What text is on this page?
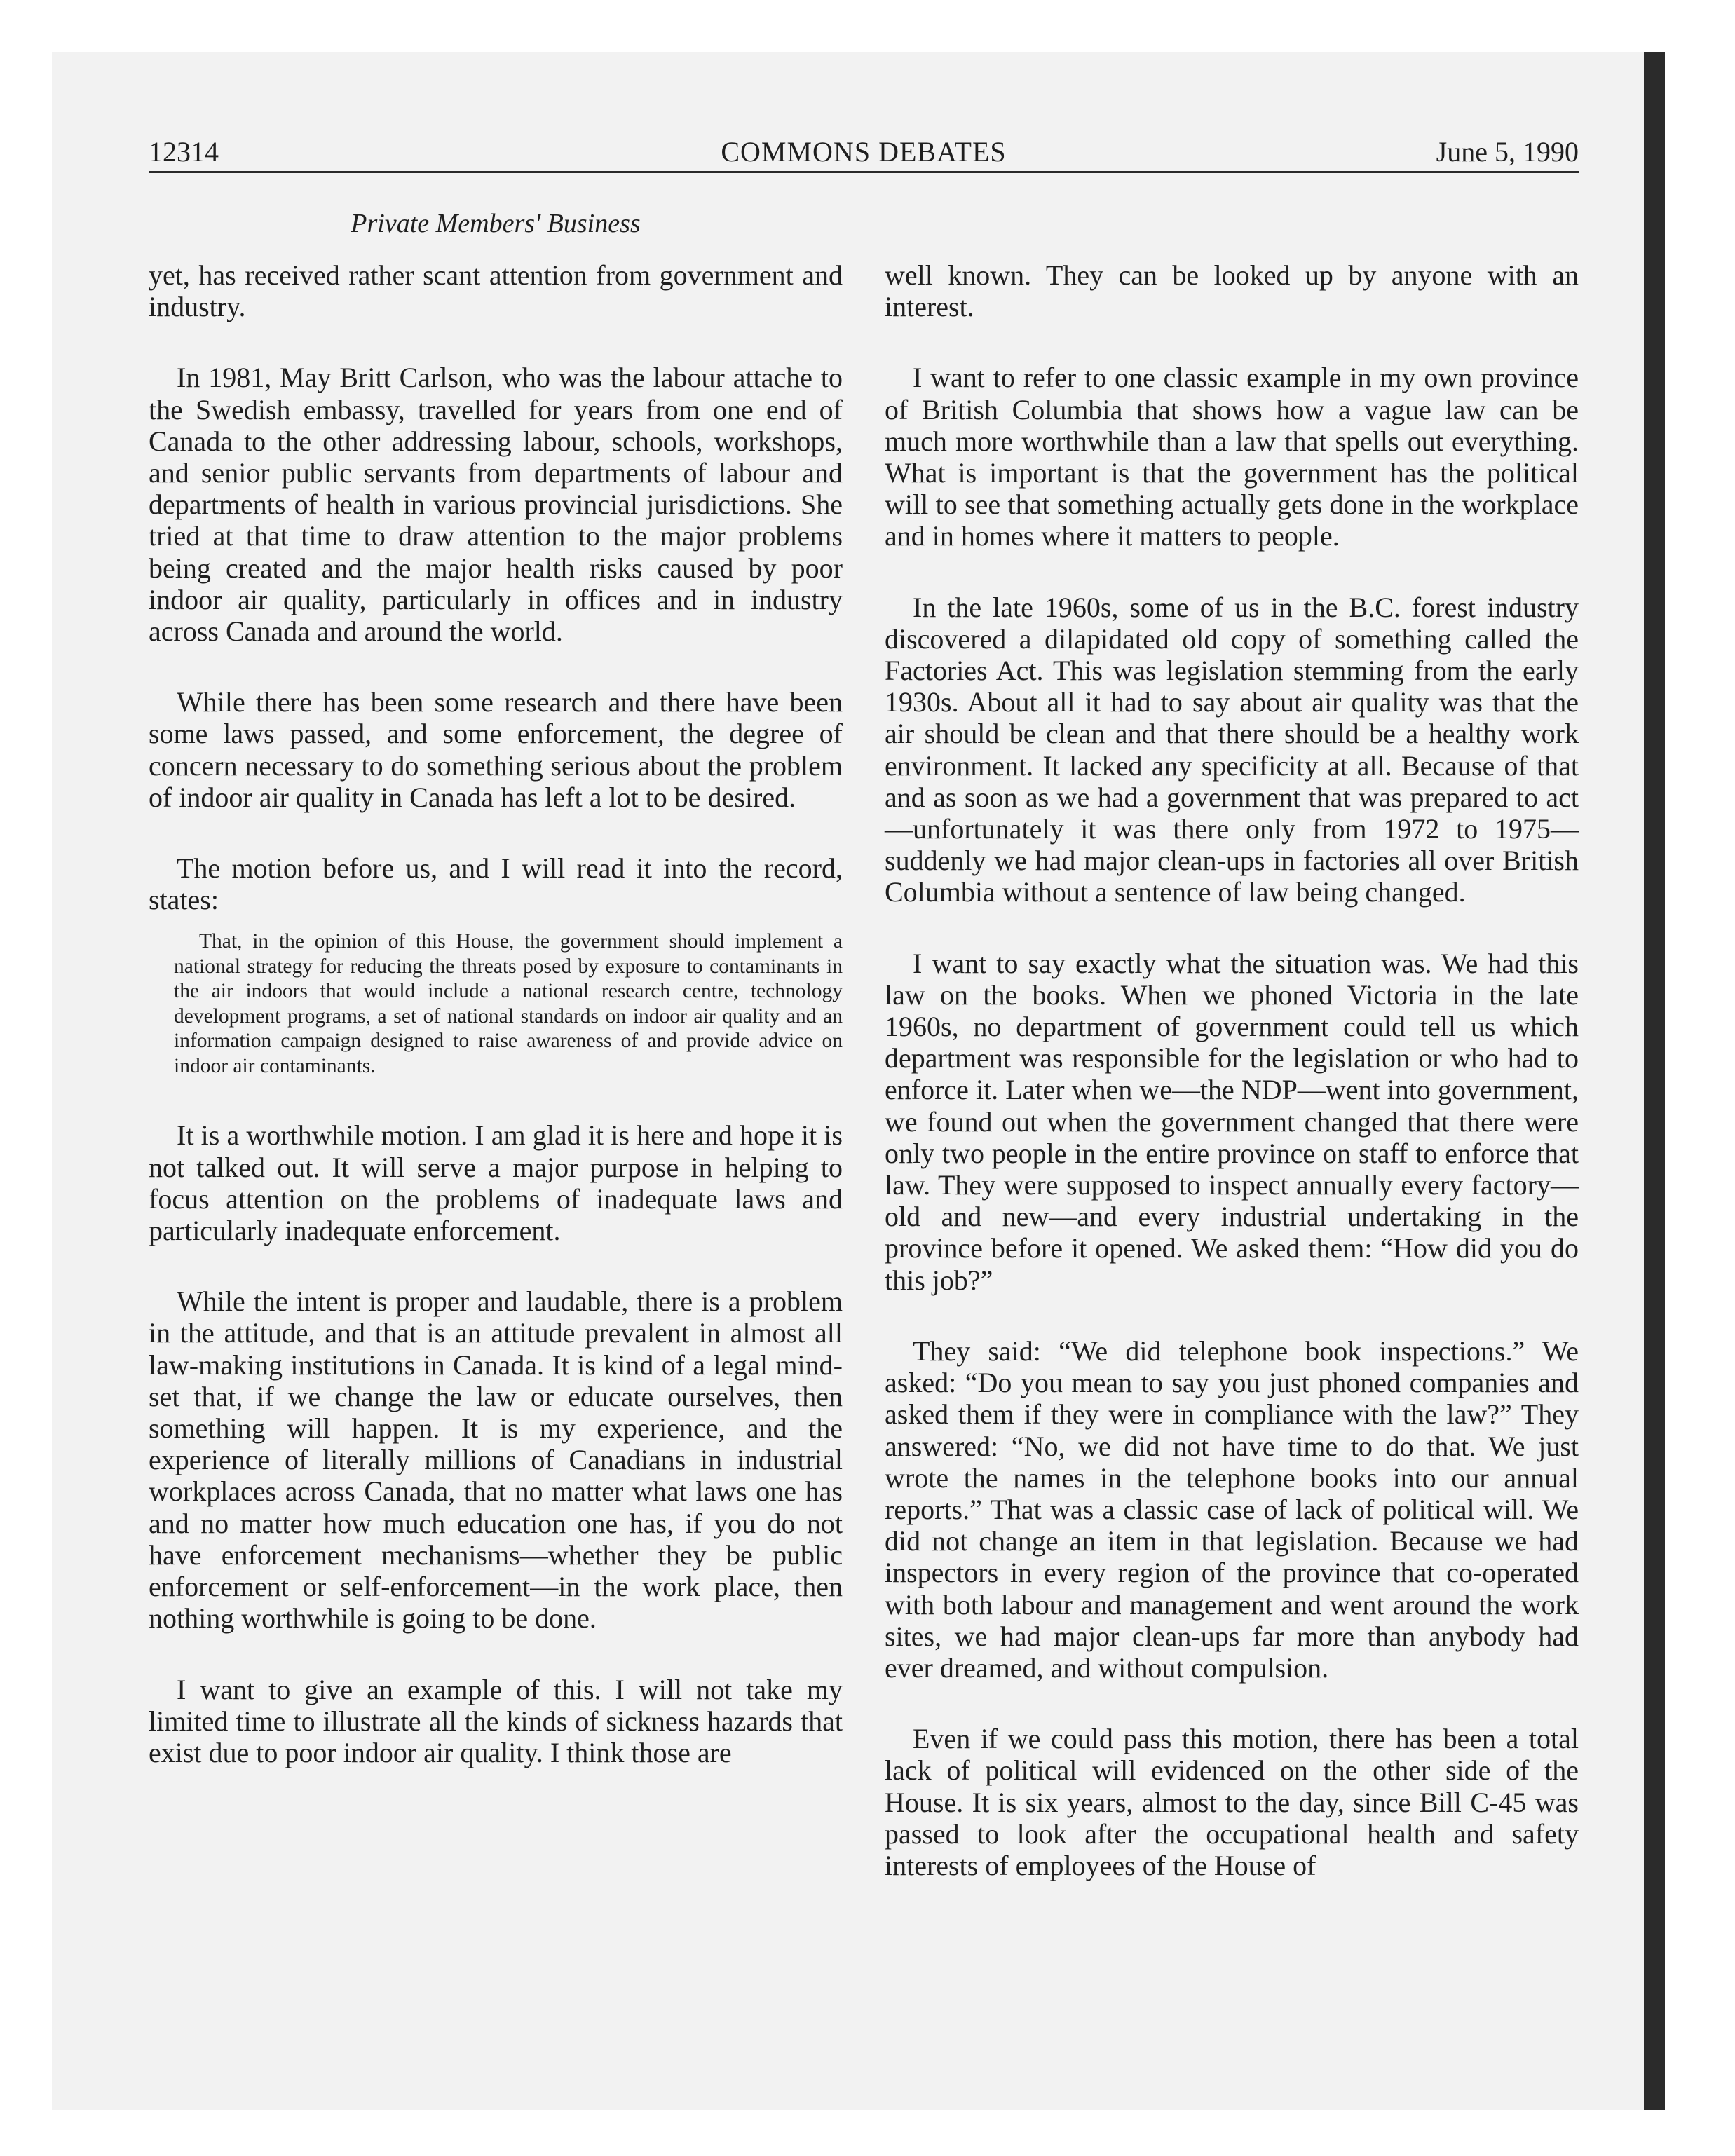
12314	COMMONS DEBATES	June 5, 1990
Private Members' Business

yet, has received rather scant attention from government and industry.

In 1981, May Britt Carlson, who was the labour attache to the Swedish embassy, travelled for years from one end of Canada to the other addressing labour, schools, workshops, and senior public servants from departments of labour and departments of health in various provincial jurisdictions. She tried at that time to draw attention to the major problems being created and the major health risks caused by poor indoor air quality, particularly in offices and in industry across Canada and around the world.

While there has been some research and there have been some laws passed, and some enforcement, the degree of concern necessary to do something serious about the problem of indoor air quality in Canada has left a lot to be desired.

The motion before us, and I will read it into the record, states:

That, in the opinion of this House, the government should implement a national strategy for reducing the threats posed by exposure to contaminants in the air indoors that would include a national research centre, technology development programs, a set of national standards on indoor air quality and an information campaign designed to raise awareness of and provide advice on indoor air contaminants.

It is a worthwhile motion. I am glad it is here and hope it is not talked out. It will serve a major purpose in helping to focus attention on the problems of inadequate laws and particularly inadequate enforcement.

While the intent is proper and laudable, there is a problem in the attitude, and that is an attitude prevalent in almost all law-making institutions in Canada. It is kind of a legal mind-set that, if we change the law or educate ourselves, then something will happen. It is my experience, and the experience of literally millions of Canadians in industrial workplaces across Canada, that no matter what laws one has and no matter how much education one has, if you do not have enforcement mechanisms—whether they be public enforcement or self-enforcement—in the work place, then nothing worthwhile is going to be done.

I want to give an example of this. I will not take my limited time to illustrate all the kinds of sickness hazards that exist due to poor indoor air quality. I think those are

well known. They can be looked up by anyone with an interest.

I want to refer to one classic example in my own province of British Columbia that shows how a vague law can be much more worthwhile than a law that spells out everything. What is important is that the government has the political will to see that something actually gets done in the workplace and in homes where it matters to people.

In the late 1960s, some of us in the B.C. forest industry discovered a dilapidated old copy of something called the Factories Act. This was legislation stemming from the early 1930s. About all it had to say about air quality was that the air should be clean and that there should be a healthy work environment. It lacked any specificity at all. Because of that and as soon as we had a government that was prepared to act—unfortunately it was there only from 1972 to 1975—suddenly we had major clean-ups in factories all over British Columbia without a sentence of law being changed.

I want to say exactly what the situation was. We had this law on the books. When we phoned Victoria in the late 1960s, no department of government could tell us which department was responsible for the legislation or who had to enforce it. Later when we—the NDP—went into government, we found out when the government changed that there were only two people in the entire province on staff to enforce that law. They were supposed to inspect annually every factory—old and new—and every industrial undertaking in the province before it opened. We asked them: “How did you do this job?”

They said: “We did telephone book inspections.” We asked: “Do you mean to say you just phoned companies and asked them if they were in compliance with the law?” They answered: “No, we did not have time to do that. We just wrote the names in the telephone books into our annual reports.” That was a classic case of lack of political will. We did not change an item in that legislation. Because we had inspectors in every region of the province that co-operated with both labour and management and went around the work sites, we had major clean-ups far more than anybody had ever dreamed, and without compulsion.

Even if we could pass this motion, there has been a total lack of political will evidenced on the other side of the House. It is six years, almost to the day, since Bill C-45 was passed to look after the occupational health and safety interests of employees of the House of
